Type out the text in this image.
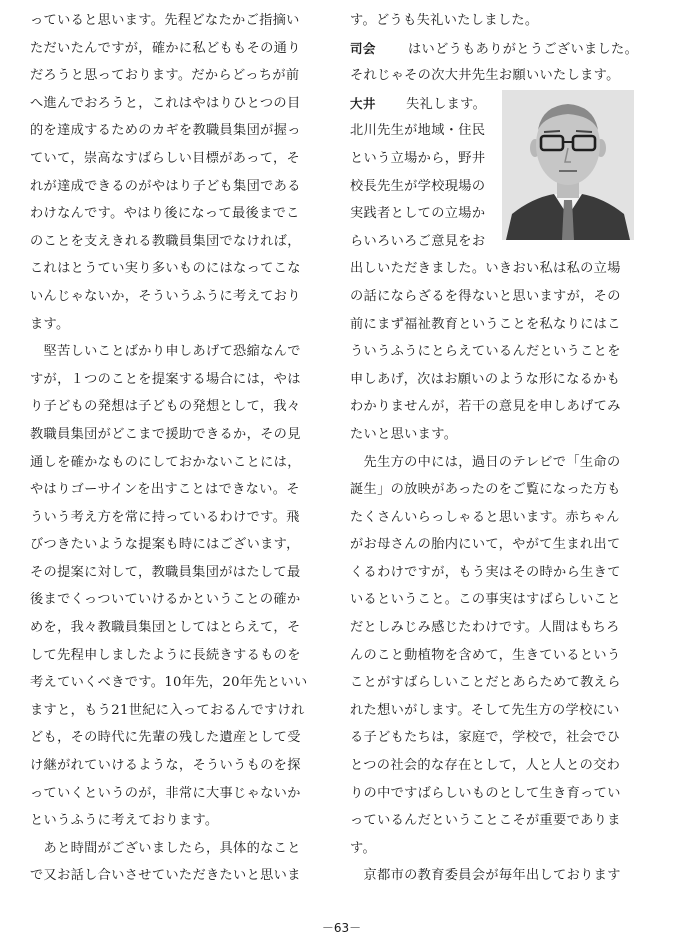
っていると思います。先程どなたかご指摘い
ただいたんですが，確かに私どももその通り
だろうと思っております。だからどっちが前
へ進んでおろうと，これはやはりひとつの目
的を達成するためのカギを教職員集団が握っ
ていて，崇高なすばらしい目標があって，そ
れが達成できるのがやはり子ども集団である
わけなんです。やはり後になって最後までこ
のことを支えきれる教職員集団でなければ，
これはとうてい実り多いものにはなってこな
いんじゃないか，そういうふうに考えており
ます。
　堅苦しいことばかり申しあげて恐縮なんで
すが，１つのことを提案する場合には，やは
り子どもの発想は子どもの発想として，我々
教職員集団がどこまで援助できるか，その見
通しを確かなものにしておかないことには，
やはりゴーサインを出すことはできない。そ
ういう考え方を常に持っているわけです。飛
びつきたいような提案も時にはございます，
その提案に対して，教職員集団がはたして最
後までくっついていけるかということの確か
めを，我々教職員集団としてはとらえて，そ
して先程申しましたように長続きするものを
考えていくべきです。10年先，20年先といい
ますと，もう21世紀に入っておるんですけれ
ども，その時代に先輩の残した遺産として受
け継がれていけるような，そういうものを探
っていくというのが，非常に大事じゃないか
というふうに考えております。
　あと時間がございましたら，具体的なこと
で又お話し合いさせていただきたいと思いま
す。どうも失礼いたしました。
司会 はいどうもありがとうございました。
それじゃその次大井先生お願いいたします。
大井 失礼します。
北川先生が地域・住民
という立場から，野井
校長先生が学校現場の
実践者としての立場か
らいろいろご意見をお
出しいただきました。いきおい私は私の立場
の話にならざるを得ないと思いますが，その
前にまず福祉教育ということを私なりにはこ
ういうふうにとらえているんだということを
申しあげ，次はお願いのような形になるかも
わかりませんが，若干の意見を申しあげてみ
たいと思います。
　先生方の中には，過日のテレビで「生命の
誕生」の放映があったのをご覧になった方も
たくさんいらっしゃると思います。赤ちゃん
がお母さんの胎内にいて，やがて生まれ出て
くるわけですが，もう実はその時から生きて
いるということ。この事実はすばらしいこと
だとしみじみ感じたわけです。人間はもちろ
んのこと動植物を含めて，生きているという
ことがすばらしいことだとあらためて教えら
れた想いがします。そして先生方の学校にい
る子どもたちは，家庭で，学校で，社会でひ
とつの社会的な存在として，人と人との交わ
りの中ですばらしいものとして生き育ってい
っているんだということこそが重要でありま
す。
　京都市の教育委員会が毎年出しております
－63－
